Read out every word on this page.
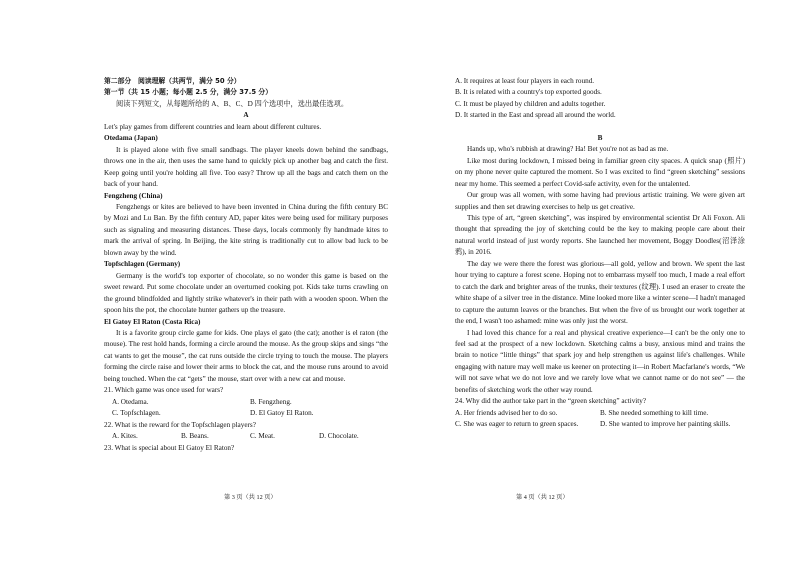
第二部分　阅读理解（共两节，满分 50 分）

第一节（共 15 小题；每小题 2.5 分，满分 37.5 分）

阅读下列短文，从每题所给的 A、B、C、D 四个选项中，选出最佳选项。

A

Let's play games from different countries and learn about different cultures.

Otedama (Japan)

It is played alone with five small sandbags. The player kneels down behind the sandbags, throws one in the air, then uses the same hand to quickly pick up another bag and catch the first. Keep going until you're holding all five. Too easy? Throw up all the bags and catch them on the back of your hand.

Fengzheng (China)

Fengzhengs or kites are believed to have been invented in China during the fifth century BC by Mozi and Lu Ban. By the fifth century AD, paper kites were being used for military purposes such as signaling and measuring distances. These days, locals commonly fly handmade kites to mark the arrival of spring. In Beijing, the kite string is traditionally cut to allow bad luck to be blown away by the wind.

Topfschlagen (Germany)

Germany is the world's top exporter of chocolate, so no wonder this game is based on the sweet reward. Put some chocolate under an overturned cooking pot. Kids take turns crawling on the ground blindfolded and lightly strike whatever's in their path with a wooden spoon. When the spoon hits the pot, the chocolate hunter gathers up the treasure.

El Gatoy El Raton (Costa Rica)

It is a favorite group circle game for kids. One plays el gato (the cat); another is el raton (the mouse). The rest hold hands, forming a circle around the mouse. As the group skips and sings “the cat wants to get the mouse”, the cat runs outside the circle trying to touch the mouse. The players forming the circle raise and lower their arms to block the cat, and the mouse runs around to avoid being touched. When the cat “gets” the mouse, start over with a new cat and mouse.

21. Which game was once used for wars?

A. Otedama.	B. Fengzheng.
C. Topfschlagen.	D. El Gatoy El Raton.

22. What is the reward for the Topfschlagen players?

A. Kites.	B. Beans.	C. Meat.	D. Chocolate.

23. What is special about El Gatoy El Raton?

A. It requires at least four players in each round.

B. It is related with a country's top exported goods.

C. It must be played by children and adults together.

D. It started in the East and spread all around the world.

B

Hands up, who's rubbish at drawing? Ha! Bet you're not as bad as me.

Like most during lockdown, I missed being in familiar green city spaces. A quick snap (照片) on my phone never quite captured the moment. So I was excited to find “green sketching” sessions near my home. This seemed a perfect Covid-safe activity, even for the untalented.

Our group was all women, with some having had previous artistic training. We were given art supplies and then set drawing exercises to help us get creative.

This type of art, “green sketching”, was inspired by environmental scientist Dr Ali Foxon. Ali thought that spreading the joy of sketching could be the key to making people care about their natural world instead of just wordy reports. She launched her movement, Boggy Doodles(沼泽涂鸦), in 2016.

The day we were there the forest was glorious—all gold, yellow and brown. We spent the last hour trying to capture a forest scene. Hoping not to embarrass myself too much, I made a real effort to catch the dark and brighter areas of the trunks, their textures (纹理). I used an eraser to create the white shape of a silver tree in the distance. Mine looked more like a winter scene—I hadn't managed to capture the autumn leaves or the branches. But when the five of us brought our work together at the end, I wasn't too ashamed: mine was only just the worst.

I had loved this chance for a real and physical creative experience—I can't be the only one to feel sad at the prospect of a new lockdown. Sketching calms a busy, anxious mind and trains the brain to notice “little things” that spark joy and help strengthen us against life's challenges. While engaging with nature may well make us keener on protecting it—in Robert Macfarlane's words, “We will not save what we do not love and we rarely love what we cannot name or do not see” — the benefits of sketching work the other way round.

24. Why did the author take part in the “green sketching” activity?

A. Her friends advised her to do so.	B. She needed something to kill time.
C. She was eager to return to green spaces.	D. She wanted to improve her painting skills.
第 3 页（共 12 页）	第 4 页（共 12 页）
